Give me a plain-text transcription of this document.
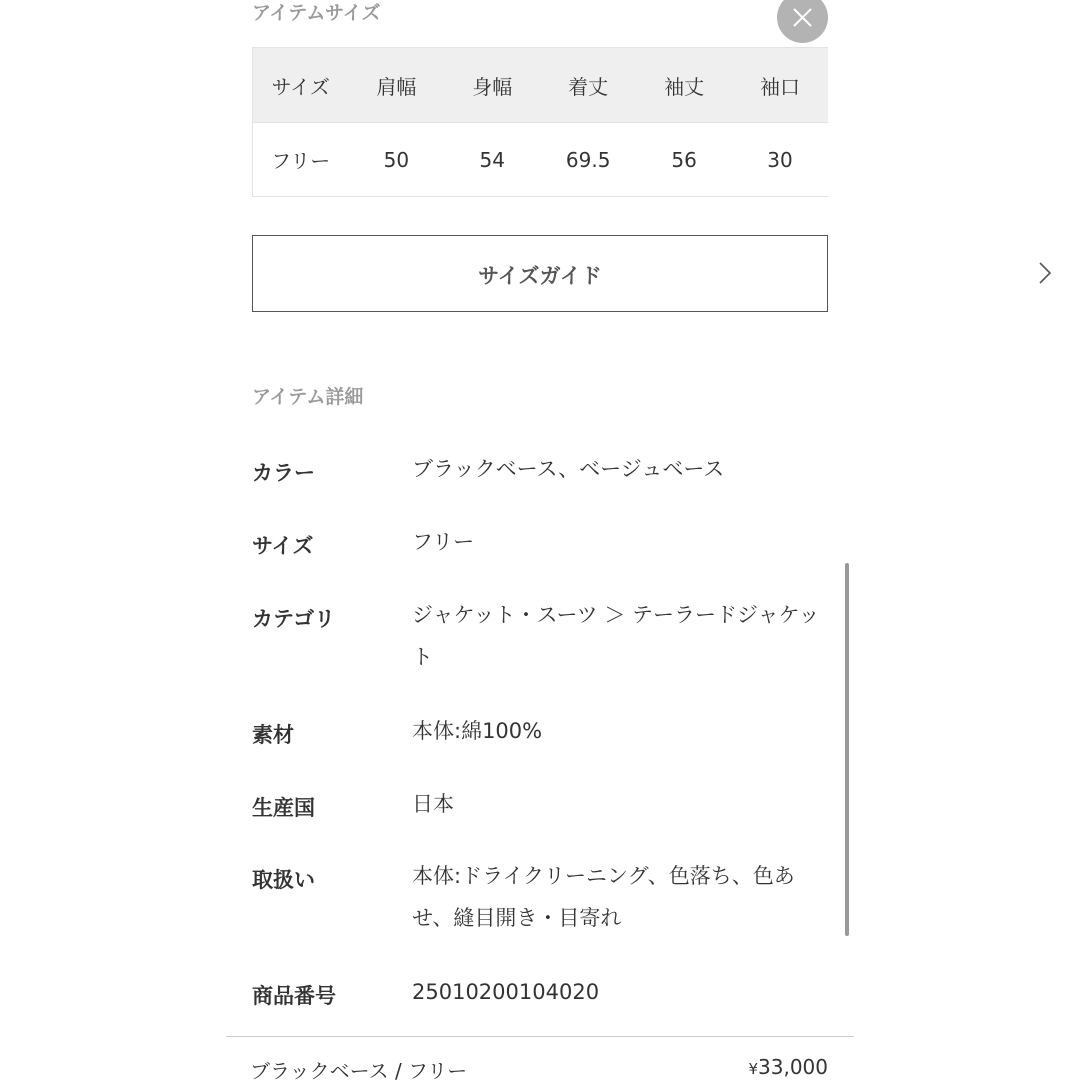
アイテムサイズ
サイズ	肩幅	身幅	着丈	袖丈	袖口
フリー	50	54	69.5	56	30
サイズガイド
アイテム詳細
カラー	ブラックベース、ベージュベース
サイズ	フリー
カテゴリ	ジャケット・スーツ ＞ テーラードジャケット
素材	本体:綿100%
生産国	日本
取扱い	本体:ドライクリーニング、色落ち、色あせ、縫目開き・目寄れ
商品番号	25010200104020
ブラックベース / フリー	¥33,000
